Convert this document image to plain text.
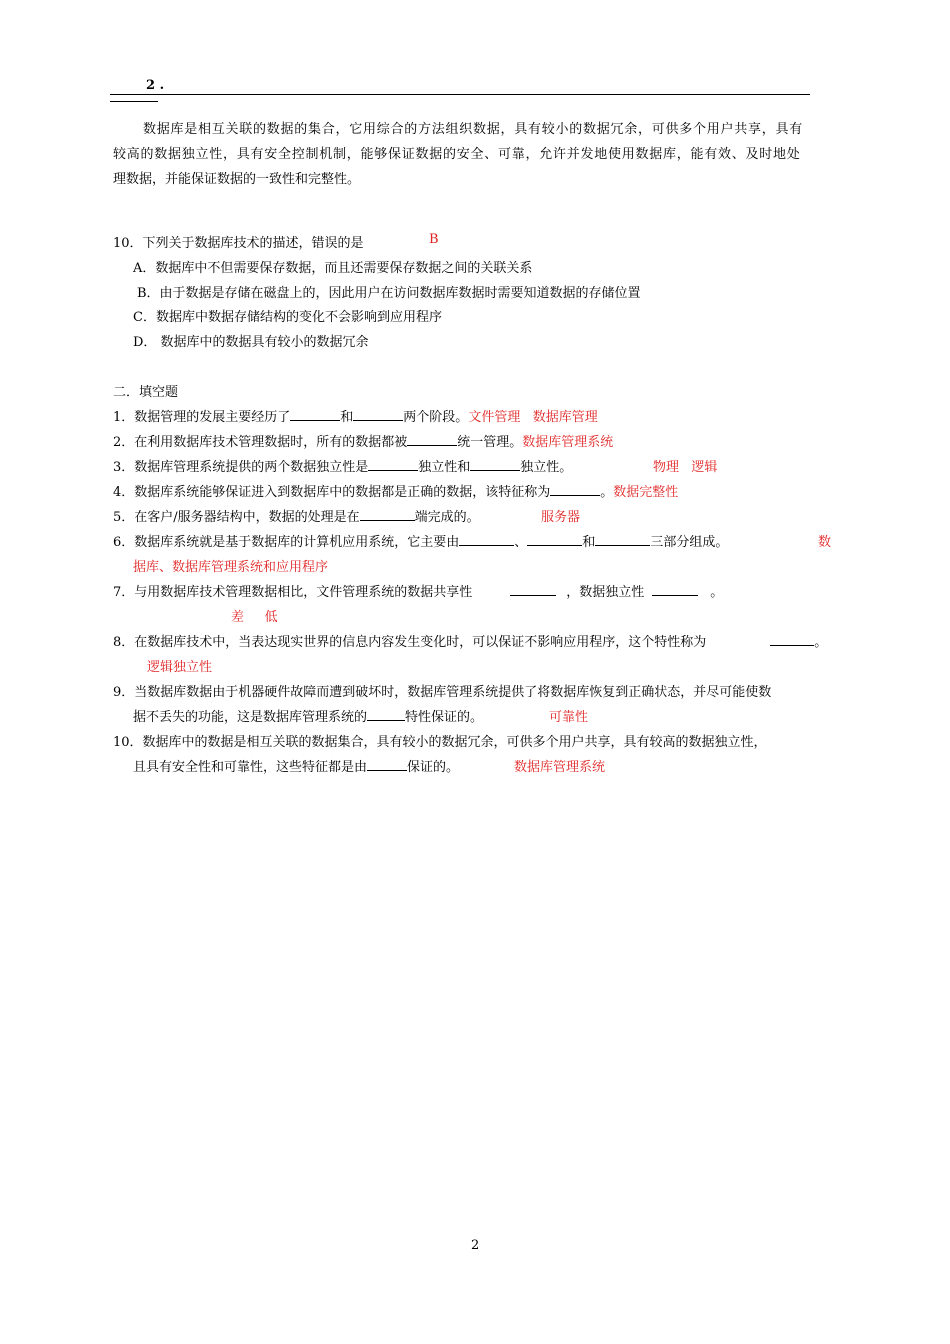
2 .
数据库是相互关联的数据的集合，它用综合的方法组织数据，具有较小的数据冗余，可供多个用户共享，具有
较高的数据独立性，具有安全控制机制，能够保证数据的安全、可靠，允许并发地使用数据库，能有效、及时地处
理数据，并能保证数据的一致性和完整性。
10．下列关于数据库技术的描述，错误的是	B
A．数据库中不但需要保存数据，而且还需要保存数据之间的关联关系
B．由于数据是存储在磁盘上的，因此用户在访问数据库数据时需要知道数据的存储位置
C．数据库中数据存储结构的变化不会影响到应用程序
D． 数据库中的数据具有较小的数据冗余
二．填空题
1．数据管理的发展主要经历了	和	两个阶段。文件管理   数据库管理
2．在利用数据库技术管理数据时，所有的数据都被	统一管理。数据库管理系统
3．数据库管理系统提供的两个数据独立性是	独立性和	独立性。	物理   逻辑
4．数据库系统能够保证进入到数据库中的数据都是正确的数据，该特征称为	。数据完整性
5．在客户/服务器结构中，数据的处理是在	端完成的。	服务器
6．数据库系统就是基于数据库的计算机应用系统，它主要由	、	和	三部分组成。	数
据库、数据库管理系统和应用程序
7．与用数据库技术管理数据相比，文件管理系统的数据共享性	，数据独立性	。
差     低
8．在数据库技术中，当表达现实世界的信息内容发生变化时，可以保证不影响应用程序，这个特性称为	。
逻辑独立性
9．当数据库数据由于机器硬件故障而遭到破坏时，数据库管理系统提供了将数据库恢复到正确状态，并尽可能使数
据不丢失的功能，这是数据库管理系统的	特性保证的。	可靠性
10．数据库中的数据是相互关联的数据集合，具有较小的数据冗余，可供多个用户共享，具有较高的数据独立性，
且具有安全性和可靠性，这些特征都是由	保证的。	数据库管理系统
2
